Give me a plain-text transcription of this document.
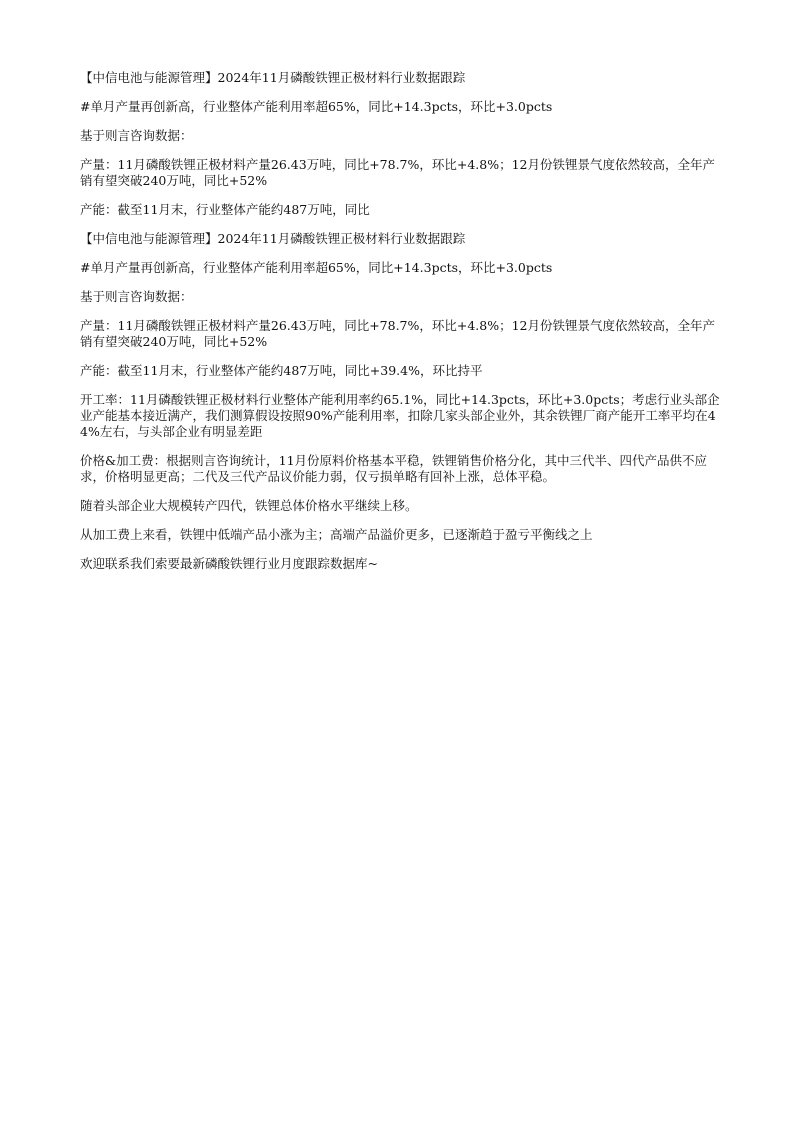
【中信电池与能源管理】2024年11月磷酸铁锂正极材料行业数据跟踪

#单月产量再创新高，行业整体产能利用率超65%，同比+14.3pcts，环比+3.0pcts

基于则言咨询数据：

产量：11月磷酸铁锂正极材料产量26.43万吨，同比+78.7%，环比+4.8%；12月份铁锂景气度依然较高，全年产销有望突破240万吨，同比+52%

产能：截至11月末，行业整体产能约487万吨，同比

【中信电池与能源管理】2024年11月磷酸铁锂正极材料行业数据跟踪

#单月产量再创新高，行业整体产能利用率超65%，同比+14.3pcts，环比+3.0pcts

基于则言咨询数据：

产量：11月磷酸铁锂正极材料产量26.43万吨，同比+78.7%，环比+4.8%；12月份铁锂景气度依然较高，全年产销有望突破240万吨，同比+52%

产能：截至11月末，行业整体产能约487万吨，同比+39.4%，环比持平

开工率：11月磷酸铁锂正极材料行业整体产能利用率约65.1%，同比+14.3pcts，环比+3.0pcts；考虑行业头部企业产能基本接近满产，我们测算假设按照90%产能利用率，扣除几家头部企业外，其余铁锂厂商产能开工率平均在44%左右，与头部企业有明显差距

价格&加工费：根据则言咨询统计，11月份原料价格基本平稳，铁锂销售价格分化，其中三代半、四代产品供不应求，价格明显更高；二代及三代产品议价能力弱，仅亏损单略有回补上涨，总体平稳。

随着头部企业大规模转产四代，铁锂总体价格水平继续上移。

从加工费上来看，铁锂中低端产品小涨为主；高端产品溢价更多，已逐渐趋于盈亏平衡线之上

欢迎联系我们索要最新磷酸铁锂行业月度跟踪数据库~
